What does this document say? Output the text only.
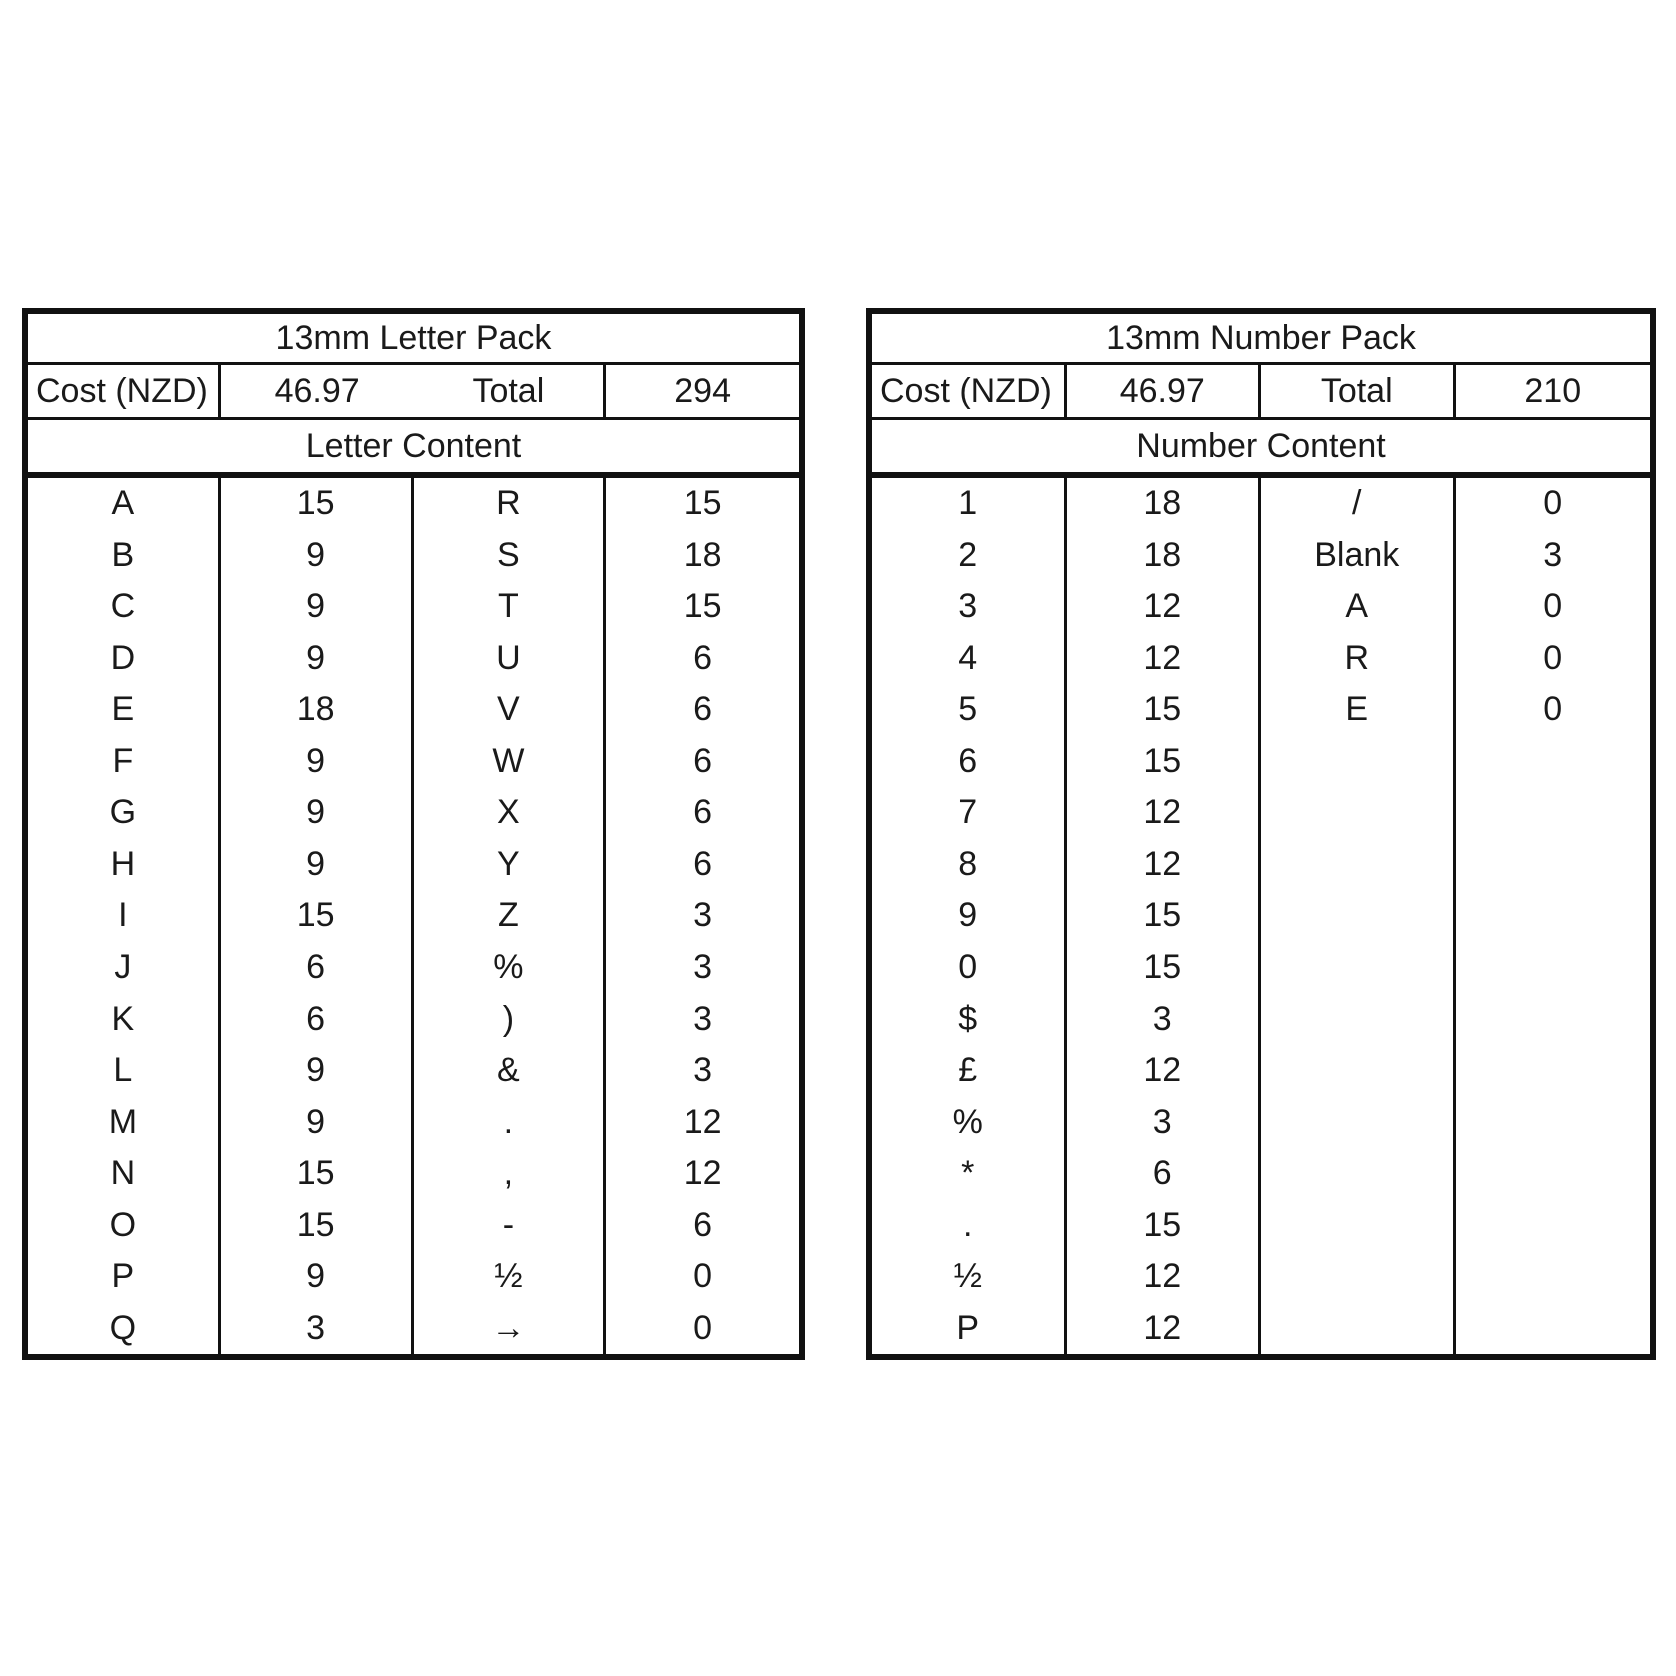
13mm Letter Pack
Cost (NZD)	46.97	Total	294
Letter Content
A	15	R	15
B	9	S	18
C	9	T	15
D	9	U	6
E	18	V	6
F	9	W	6
G	9	X	6
H	9	Y	6
I	15	Z	3
J	6	%	3
K	6	)	3
L	9	&	3
M	9	.	12
N	15	,	12
O	15	-	6
P	9	½	0
Q	3	→	0
13mm Number Pack
Cost (NZD)	46.97	Total	210
Number Content
1	18	/	0
2	18	Blank	3
3	12	A	0
4	12	R	0
5	15	E	0
6	15
7	12
8	12
9	15
0	15
$	3
£	12
%	3
*	6
.	15
½	12
P	12
